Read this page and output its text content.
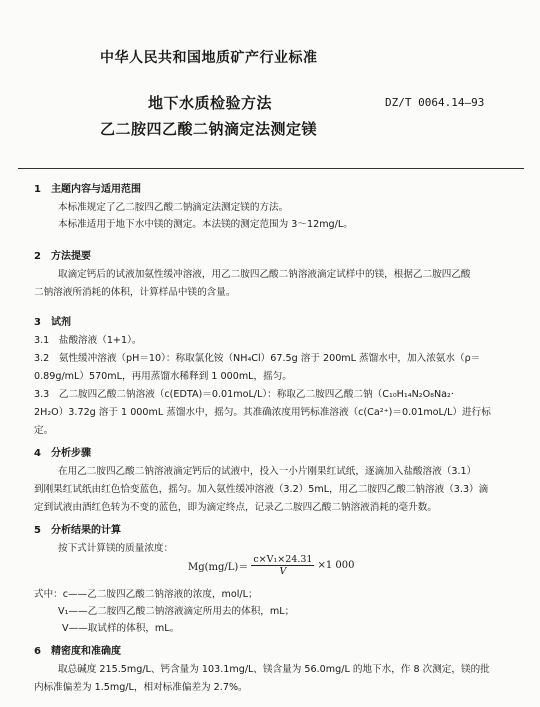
中华人民共和国地质矿产行业标准
地下水质检验方法
乙二胺四乙酸二钠滴定法测定镁
DZ/T 0064.14—93
1　主题内容与适用范围
本标准规定了乙二胺四乙酸二钠滴定法测定镁的方法。
本标准适用于地下水中镁的测定。本法镁的测定范围为 3～12mg/L。
2　方法提要
取滴定钙后的试液加氨性缓冲溶液，用乙二胺四乙酸二钠溶液滴定试样中的镁，根据乙二胺四乙酸
二钠溶液所消耗的体积，计算样品中镁的含量。
3　试剂
3.1　盐酸溶液（1+1）。
3.2　氨性缓冲溶液（pH＝10）：称取氯化铵（NH₄Cl）67.5g 溶于 200mL 蒸馏水中，加入浓氨水（ρ＝
0.89g/mL）570mL，再用蒸馏水稀释到 1 000mL，摇匀。
3.3　乙二胺四乙酸二钠溶液（c(EDTA)＝0.01moL/L）：称取乙二胺四乙酸二钠（C₁₀H₁₄N₂O₈Na₂·
2H₂O）3.72g 溶于 1 000mL 蒸馏水中，摇匀。其准确浓度用钙标准溶液（c(Ca²⁺)＝0.01moL/L）进行标
定。
4　分析步骤
在用乙二胺四乙酸二钠溶液滴定钙后的试液中，投入一小片刚果红试纸，逐滴加入盐酸溶液（3.1）
到刚果红试纸由红色恰变蓝色，摇匀。加入氨性缓冲溶液（3.2）5mL，用乙二胺四乙酸二钠溶液（3.3）滴
定到试液由酒红色转为不变的蓝色，即为滴定终点，记录乙二胺四乙酸二钠溶液消耗的毫升数。
5　分析结果的计算
按下式计算镁的质量浓度：
$Mg(mg/L)= \frac{\text{c×V₁×24.31}}{V} \times 1$ 000
式中：c——乙二胺四乙酸二钠溶液的浓度，mol/L；
V₁——乙二胺四乙酸二钠溶液滴定所用去的体积，mL；
V——取试样的体积，mL。
6　精密度和准确度
取总碱度 215.5mg/L、钙含量为 103.1mg/L、镁含量为 56.0mg/L 的地下水，作 8 次测定，镁的批
内标准偏差为 1.5mg/L，相对标准偏差为 2.7%。
